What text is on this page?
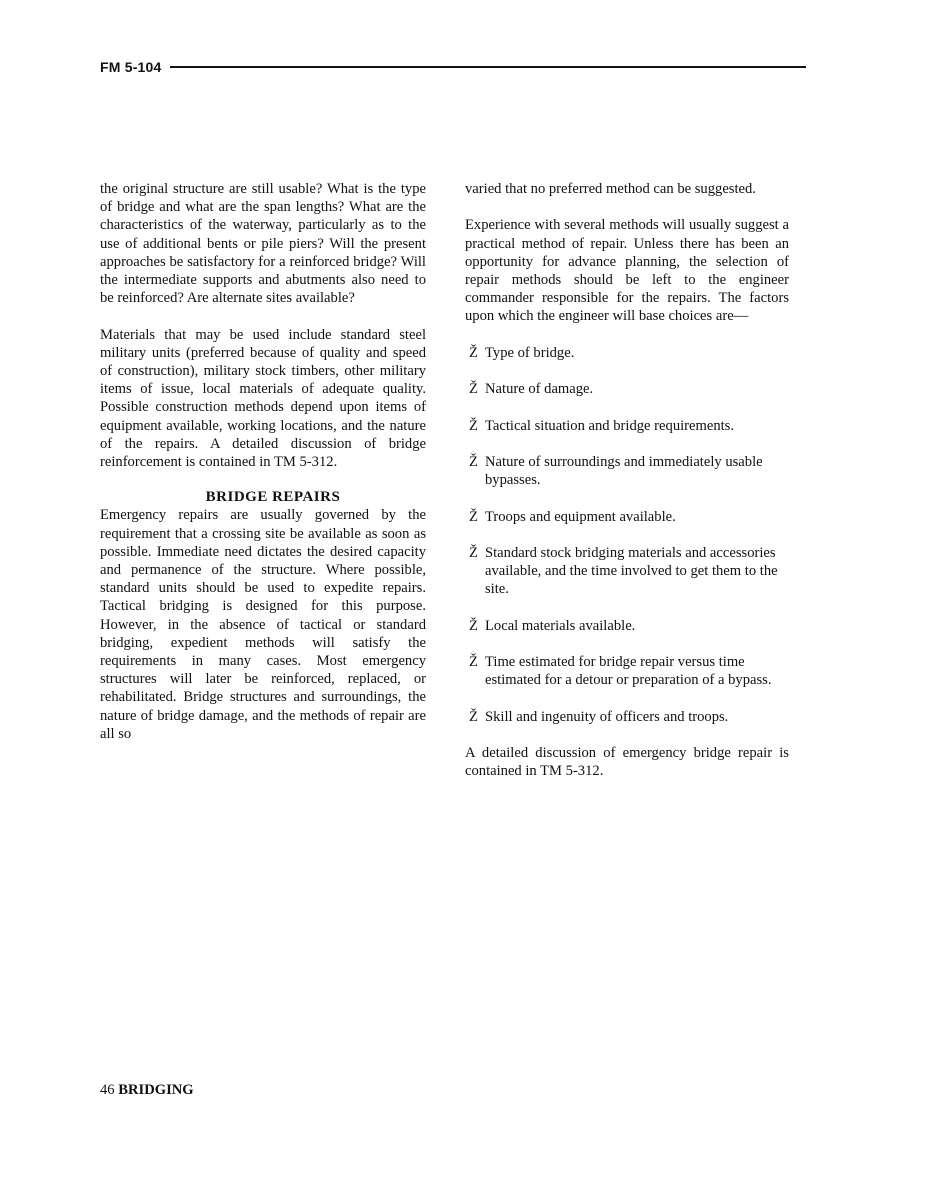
FM 5-104

the original structure are still usable? What is the type of bridge and what are the span lengths? What are the characteristics of the waterway, particularly as to the use of additional bents or pile piers? Will the present approaches be satisfactory for a reinforced bridge? Will the intermediate supports and abutments also need to be reinforced? Are alternate sites available?

Materials that may be used include standard steel military units (preferred because of quality and speed of construction), military stock timbers, other military items of issue, local materials of adequate quality. Possible construction methods depend upon items of equipment available, working locations, and the nature of the repairs. A detailed discussion of bridge reinforcement is contained in TM 5-312.

BRIDGE REPAIRS

Emergency repairs are usually governed by the requirement that a crossing site be available as soon as possible. Immediate need dictates the desired capacity and permanence of the structure. Where possible, standard units should be used to expedite repairs. Tactical bridging is designed for this purpose. However, in the absence of tactical or standard bridging, expedient methods will satisfy the requirements in many cases. Most emergency structures will later be reinforced, replaced, or rehabilitated. Bridge structures and surroundings, the nature of bridge damage, and the methods of repair are all so

varied that no preferred method can be suggested.

Experience with several methods will usually suggest a practical method of repair. Unless there has been an opportunity for advance planning, the selection of repair methods should be left to the engineer commander responsible for the repairs. The factors upon which the engineer will base choices are—

Ž Type of bridge.
Ž Nature of damage.
Ž Tactical situation and bridge requirements.
Ž Nature of surroundings and immediately usable bypasses.
Ž Troops and equipment available.
Ž Standard stock bridging materials and accessories available, and the time involved to get them to the site.
Ž Local materials available.
Ž Time estimated for bridge repair versus time estimated for a detour or preparation of a bypass.
Ž Skill and ingenuity of officers and troops.

A detailed discussion of emergency bridge repair is contained in TM 5-312.

46 BRIDGING
